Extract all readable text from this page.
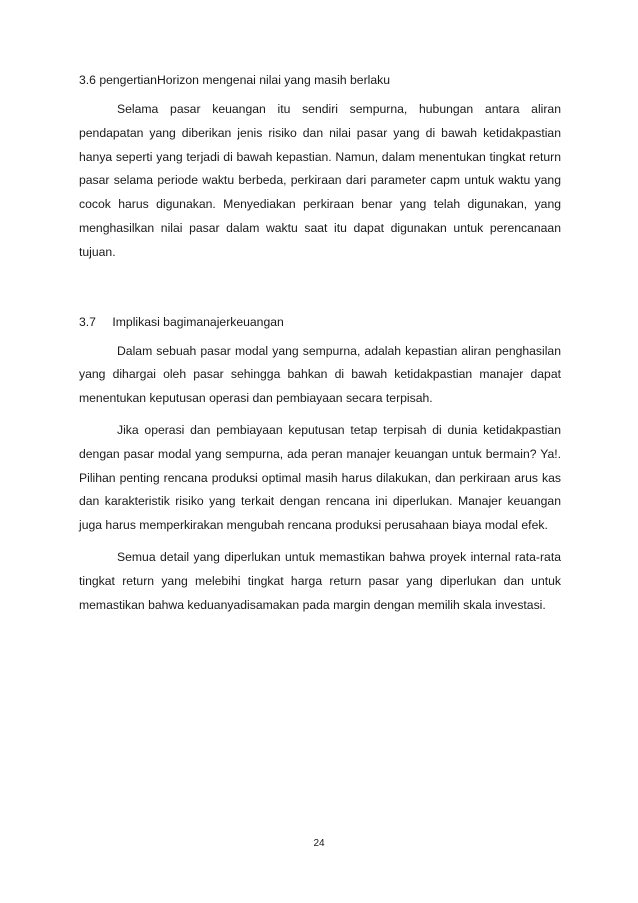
3.6 pengertianHorizon mengenai nilai yang masih berlaku

Selama pasar keuangan itu sendiri sempurna, hubungan antara aliran pendapatan yang diberikan jenis risiko dan nilai pasar yang di bawah ketidakpastian hanya seperti yang terjadi di bawah kepastian. Namun, dalam menentukan tingkat return pasar selama periode waktu berbeda, perkiraan dari parameter capm untuk waktu yang cocok harus digunakan. Menyediakan perkiraan benar yang telah digunakan, yang menghasilkan nilai pasar dalam waktu saat itu dapat digunakan untuk perencanaan tujuan.

3.7 Implikasi bagimanajerkeuangan

Dalam sebuah pasar modal yang sempurna, adalah kepastian aliran penghasilan yang dihargai oleh pasar sehingga bahkan di bawah ketidakpastian manajer dapat menentukan keputusan operasi dan pembiayaan secara terpisah.

Jika operasi dan pembiayaan keputusan tetap terpisah di dunia ketidakpastian dengan pasar modal yang sempurna, ada peran manajer keuangan untuk bermain? Ya!. Pilihan penting rencana produksi optimal masih harus dilakukan, dan perkiraan arus kas dan karakteristik risiko yang terkait dengan rencana ini diperlukan. Manajer keuangan juga harus memperkirakan mengubah rencana produksi perusahaan biaya modal efek.

Semua detail yang diperlukan untuk memastikan bahwa proyek internal rata-rata tingkat return yang melebihi tingkat harga return pasar yang diperlukan dan untuk memastikan bahwa keduanyadisamakan pada margin dengan memilih skala investasi.

24
